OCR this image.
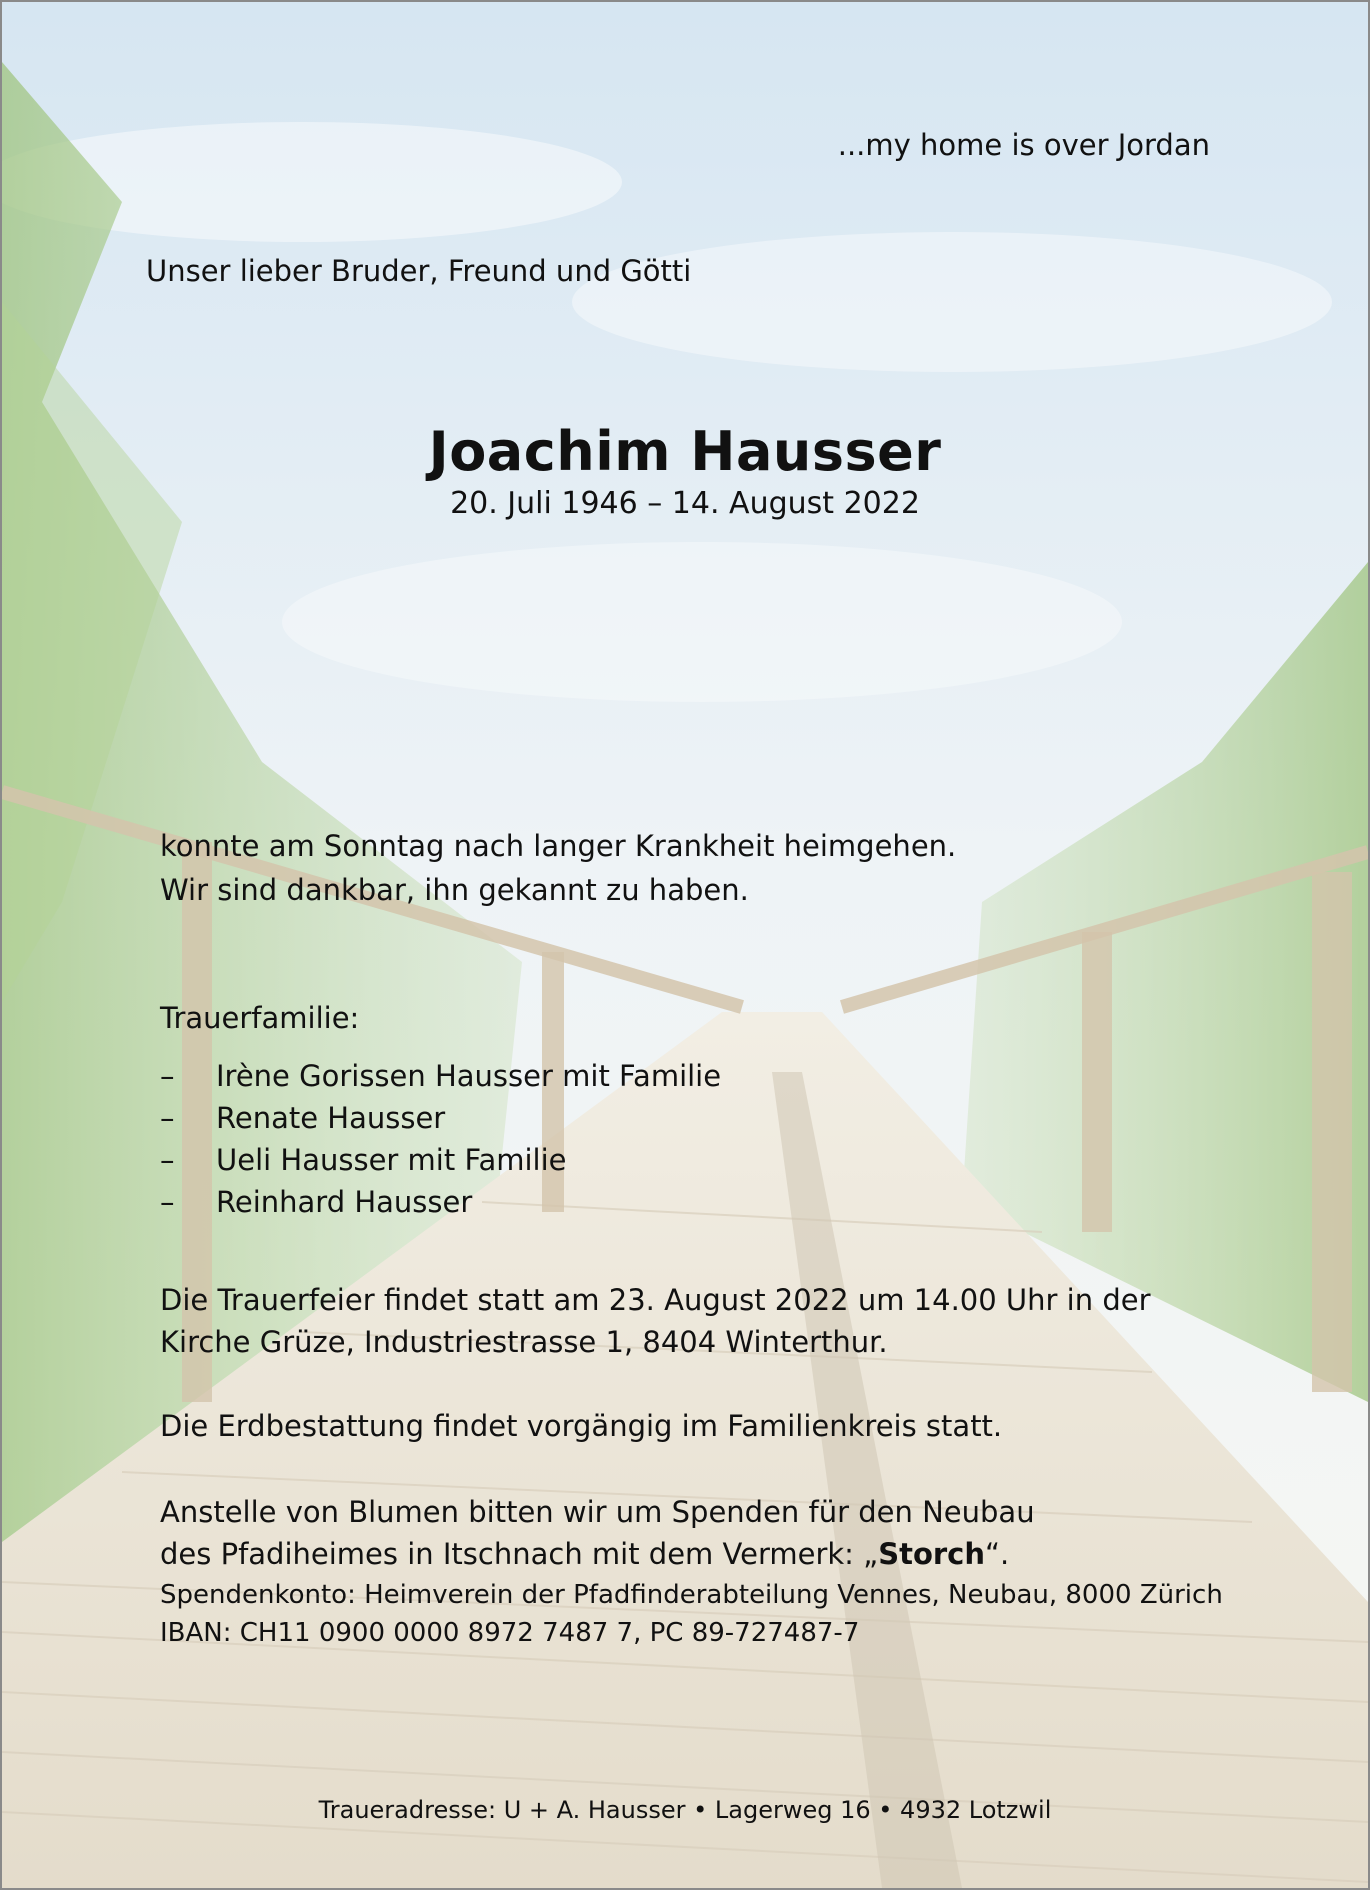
...my home is over Jordan
Unser lieber Bruder, Freund und Götti
Joachim Hausser
20. Juli 1946 – 14. August 2022
konnte am Sonntag nach langer Krankheit heimgehen.
Wir sind dankbar, ihn gekannt zu haben.
Trauerfamilie:
– Irène Gorissen Hausser mit Familie
– Renate Hausser
– Ueli Hausser mit Familie
– Reinhard Hausser
Die Trauerfeier findet statt am 23. August 2022 um 14.00 Uhr in der
Kirche Grüze, Industriestrasse 1, 8404 Winterthur.
Die Erdbestattung findet vorgängig im Familienkreis statt.
Anstelle von Blumen bitten wir um Spenden für den Neubau
des Pfadiheimes in Itschnach mit dem Vermerk: „Storch“.
Spendenkonto: Heimverein der Pfadfinderabteilung Vennes, Neubau, 8000 Zürich
IBAN: CH11 0900 0000 8972 7487 7, PC 89-727487-7
Traueradresse: U + A. Hausser • Lagerweg 16 • 4932 Lotzwil
